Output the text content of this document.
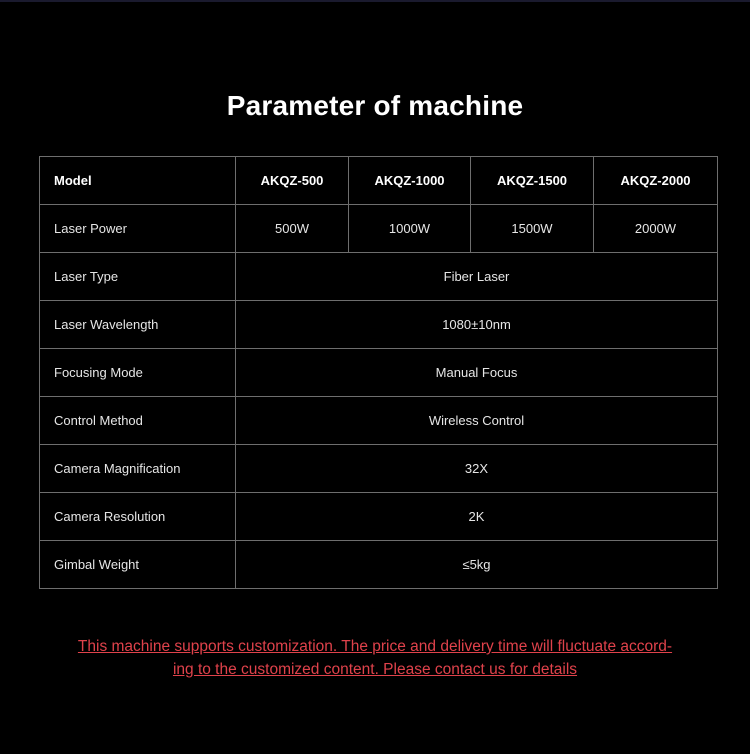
Parameter of machine
Model	AKQZ-500	AKQZ-1000	AKQZ-1500	AKQZ-2000
Laser Power	500W	1000W	1500W	2000W
Laser Type	Fiber Laser			
Laser Wavelength	1080±10nm			
Focusing Mode	Manual Focus			
Control Method	Wireless Control			
Camera Magnification	32X			
Camera Resolution	2K			
Gimbal Weight	≤5kg			
This machine supports customization. The price and delivery time will fluctuate accord-
ing to the customized content. Please contact us for details
